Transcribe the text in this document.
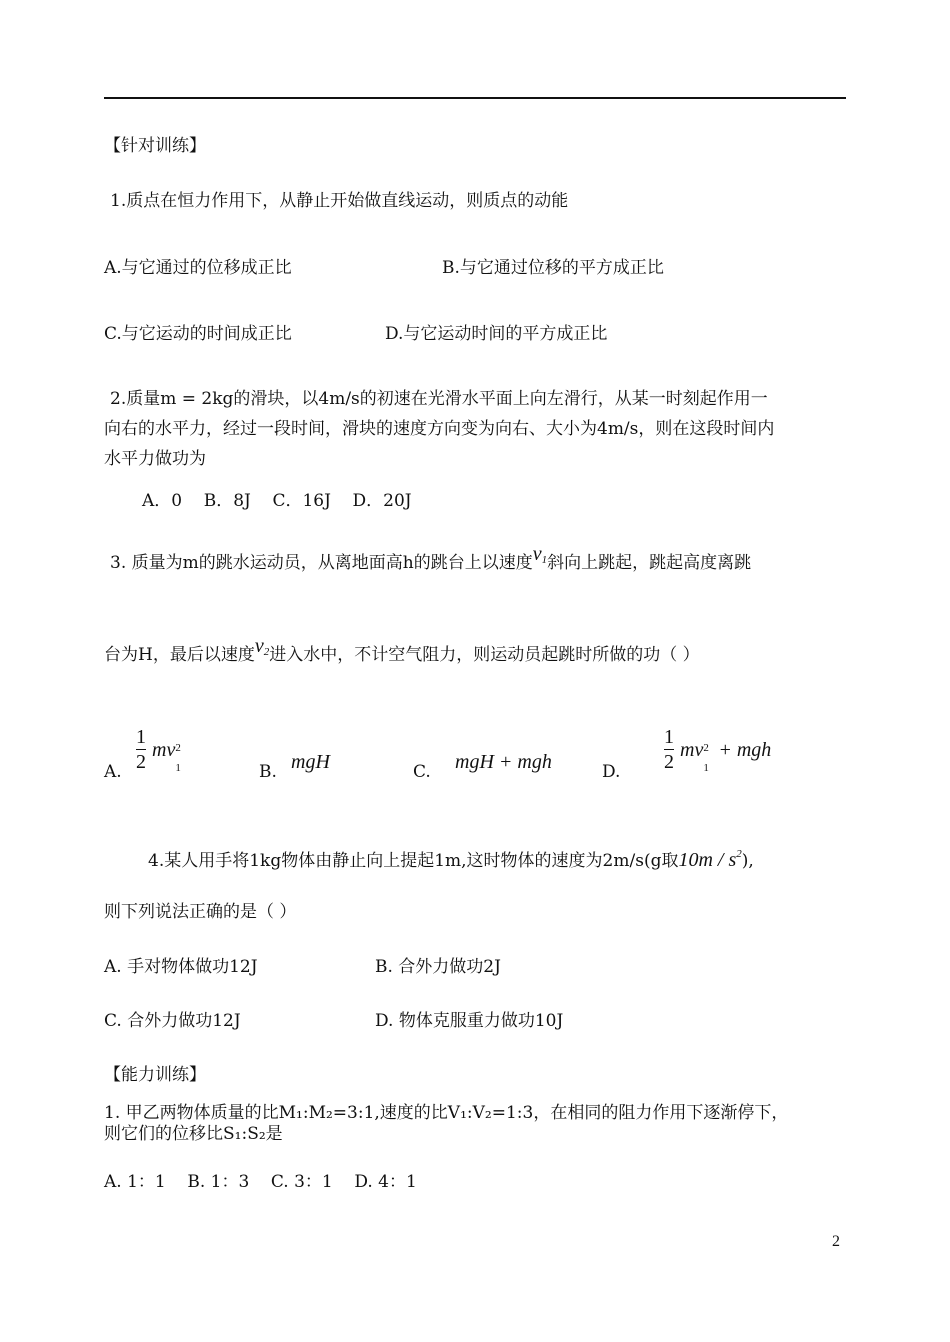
【针对训练】
1.质点在恒力作用下，从静止开始做直线运动，则质点的动能
A.与它通过的位移成正比	B.与它通过位移的平方成正比
C.与它运动的时间成正比	D.与它运动时间的平方成正比
2.质量m = 2kg的滑块，以4m/s的初速在光滑水平面上向左滑行，从某一时刻起作用一
向右的水平力，经过一段时间，滑块的速度方向变为向右、大小为4m/s，则在这段时间内
水平力做功为
A．0    B．8J    C．16J    D．20J
3. 质量为m的跳水运动员，从离地面高h的跳台上以速度$v_1$斜向上跳起，跳起高度离跳
台为H，最后以速度$v_2$进入水中，不计空气阻力，则运动员起跳时所做的功（ ）
A.
1
2
mv 2
1	B. mgH	C. mgH + mgh	D.
1
2
mv 2
1
+ mgh
4.某人用手将1kg物体由静止向上提起1m,这时物体的速度为2m/s(g取$10m / s^2$),
则下列说法正确的是（ ）
A. 手对物体做功12J	B. 合外力做功2J
C. 合外力做功12J	D. 物体克服重力做功10J
【能力训练】
1. 甲乙两物体质量的比M₁:M₂=3:1,速度的比V₁:V₂=1:3，在相同的阻力作用下逐渐停下，
则它们的位移比S₁:S₂是
A. 1：1    B. 1：3    C. 3：1    D. 4：1
2
